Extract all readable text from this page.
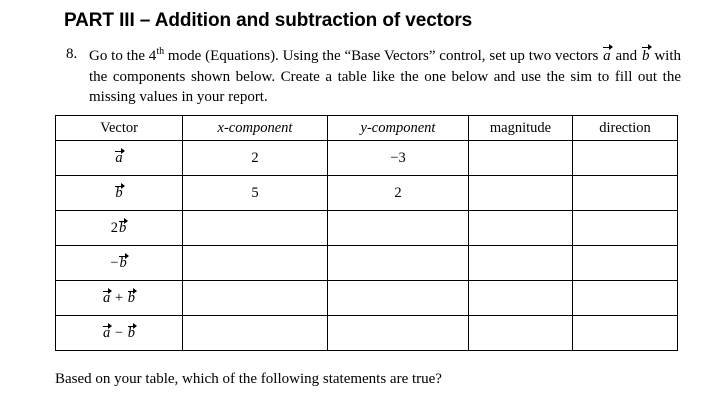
PART III – Addition and subtraction of vectors
8. Go to the 4th mode (Equations). Using the “Base Vectors” control, set up two vectors a and b with the components shown below. Create a table like the one below and use the sim to fill out the missing values in your report.
Vector	x-component	y-component	magnitude	direction
a	2	−3		
b	5	2		
2b				
−b				
a + b				
a − b				
Based on your table, which of the following statements are true?
